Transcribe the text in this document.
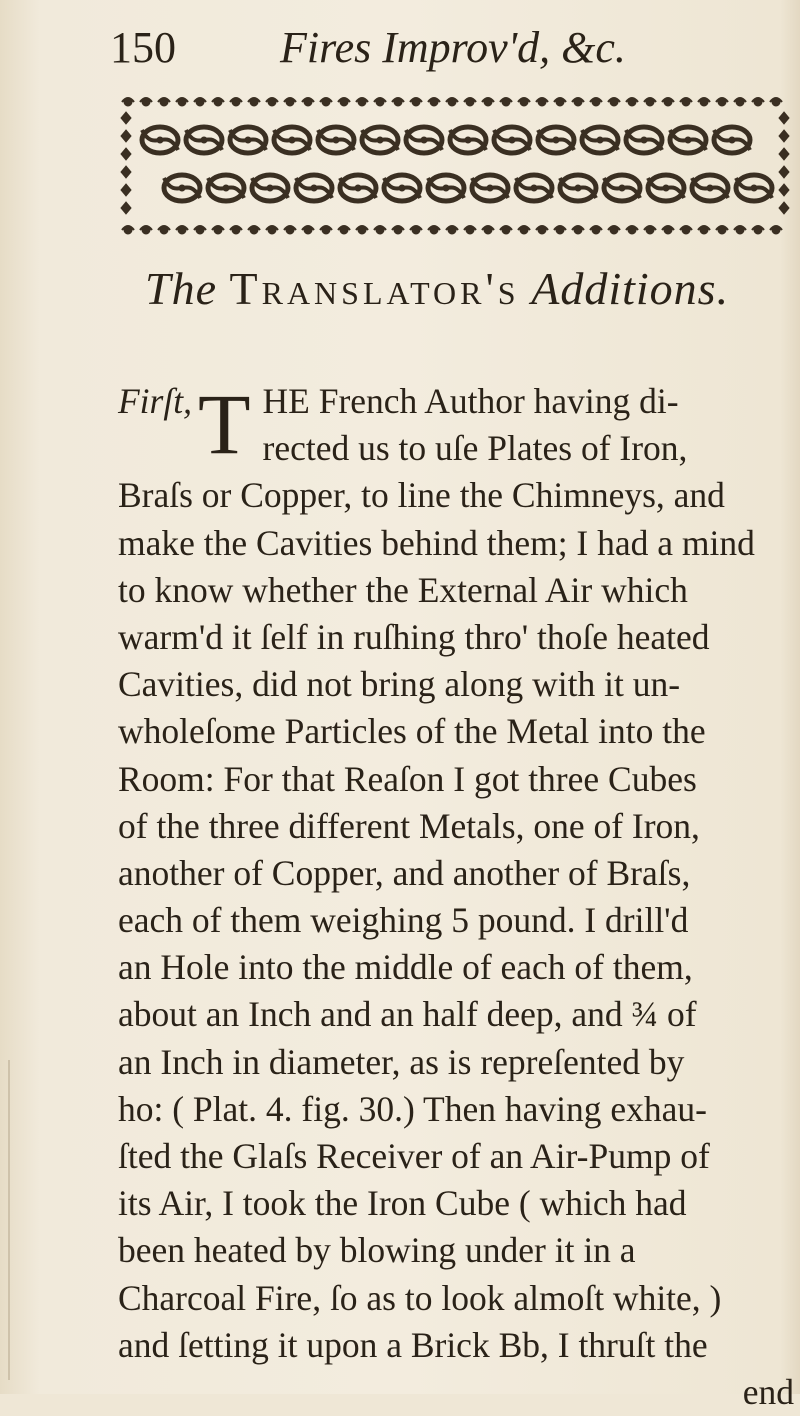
150 Fires Improv'd, &c.
The Translator's Additions.
Firſt, T HE French Author having di-
rected us to uſe Plates of Iron,
Braſs or Copper, to line the Chimneys, and
make the Cavities behind them; I had a mind
to know whether the External Air which
warm'd it ſelf in ruſhing thro' thoſe heated
Cavities, did not bring along with it un-
wholeſome Particles of the Metal into the
Room: For that Reaſon I got three Cubes
of the three different Metals, one of Iron,
another of Copper, and another of Braſs,
each of them weighing 5 pound. I drill'd
an Hole into the middle of each of them,
about an Inch and an half deep, and ¾ of
an Inch in diameter, as is repreſented by
ho: ( Plat. 4. fig. 30.) Then having exhau-
ſted the Glaſs Receiver of an Air-Pump of
its Air, I took the Iron Cube ( which had
been heated by blowing under it in a
Charcoal Fire, ſo as to look almoſt white, )
and ſetting it upon a Brick Bb, I thruſt the
end
